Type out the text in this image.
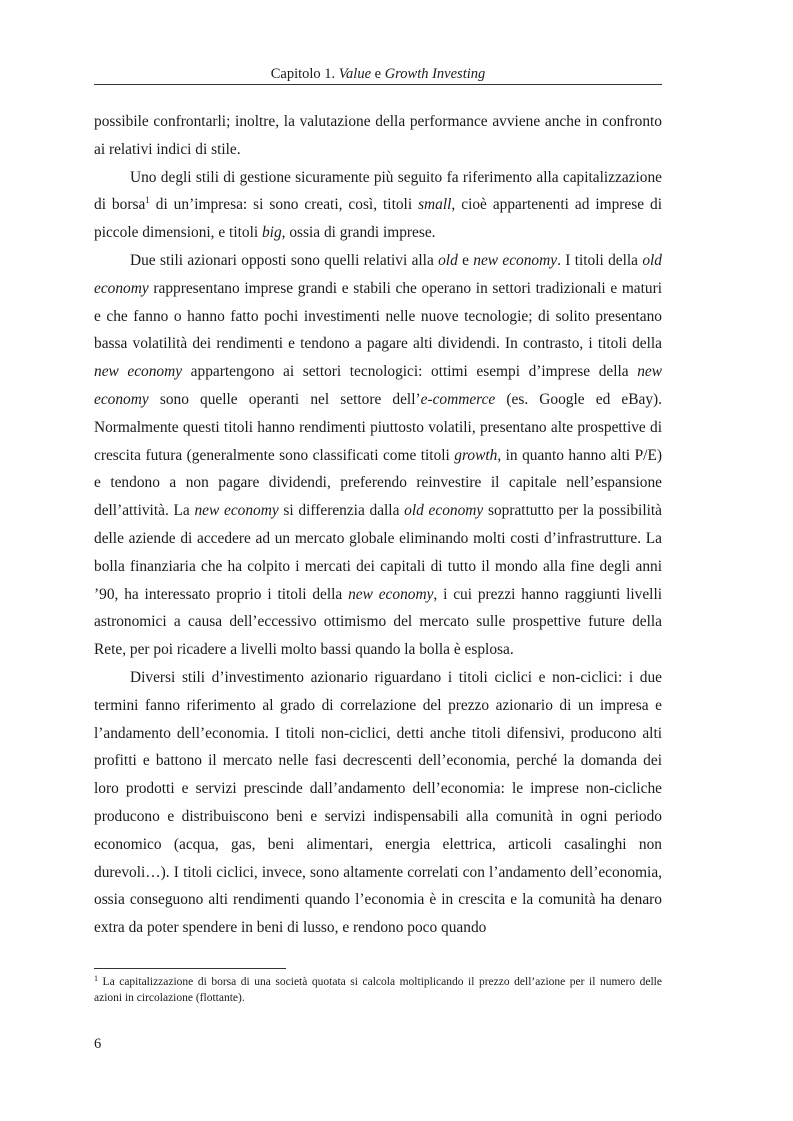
Capitolo 1. Value e Growth Investing

possibile confrontarli; inoltre, la valutazione della performance avviene anche in confronto ai relativi indici di stile.

Uno degli stili di gestione sicuramente più seguito fa riferimento alla capitalizzazione di borsa$^1$ di un’impresa: si sono creati, così, titoli small, cioè appartenenti ad imprese di piccole dimensioni, e titoli big, ossia di grandi imprese.

Due stili azionari opposti sono quelli relativi alla old e new economy. I titoli della old economy rappresentano imprese grandi e stabili che operano in settori tradizionali e maturi e che fanno o hanno fatto pochi investimenti nelle nuove tecnologie; di solito presentano bassa volatilità dei rendimenti e tendono a pagare alti dividendi. In contrasto, i titoli della new economy appartengono ai settori tecnologici: ottimi esempi d’imprese della new economy sono quelle operanti nel settore dell’e-commerce (es. Google ed eBay). Normalmente questi titoli hanno rendimenti piuttosto volatili, presentano alte prospettive di crescita futura (generalmente sono classificati come titoli growth, in quanto hanno alti P/E) e tendono a non pagare dividendi, preferendo reinvestire il capitale nell’espansione dell’attività. La new economy si differenzia dalla old economy soprattutto per la possibilità delle aziende di accedere ad un mercato globale eliminando molti costi d’infrastrutture. La bolla finanziaria che ha colpito i mercati dei capitali di tutto il mondo alla fine degli anni ’90, ha interessato proprio i titoli della new economy, i cui prezzi hanno raggiunti livelli astronomici a causa dell’eccessivo ottimismo del mercato sulle prospettive future della Rete, per poi ricadere a livelli molto bassi quando la bolla è esplosa.

Diversi stili d’investimento azionario riguardano i titoli ciclici e non-ciclici: i due termini fanno riferimento al grado di correlazione del prezzo azionario di un impresa e l’andamento dell’economia. I titoli non-ciclici, detti anche titoli difensivi, producono alti profitti e battono il mercato nelle fasi decrescenti dell’economia, perché la domanda dei loro prodotti e servizi prescinde dall’andamento dell’economia: le imprese non-cicliche producono e distribuiscono beni e servizi indispensabili alla comunità in ogni periodo economico (acqua, gas, beni alimentari, energia elettrica, articoli casalinghi non durevoli…). I titoli ciclici, invece, sono altamente correlati con l’andamento dell’economia, ossia conseguono alti rendimenti quando l’economia è in crescita e la comunità ha denaro extra da poter spendere in beni di lusso, e rendono poco quando

$^1$ La capitalizzazione di borsa di una società quotata si calcola moltiplicando il prezzo dell’azione per il numero delle azioni in circolazione (flottante).
6
